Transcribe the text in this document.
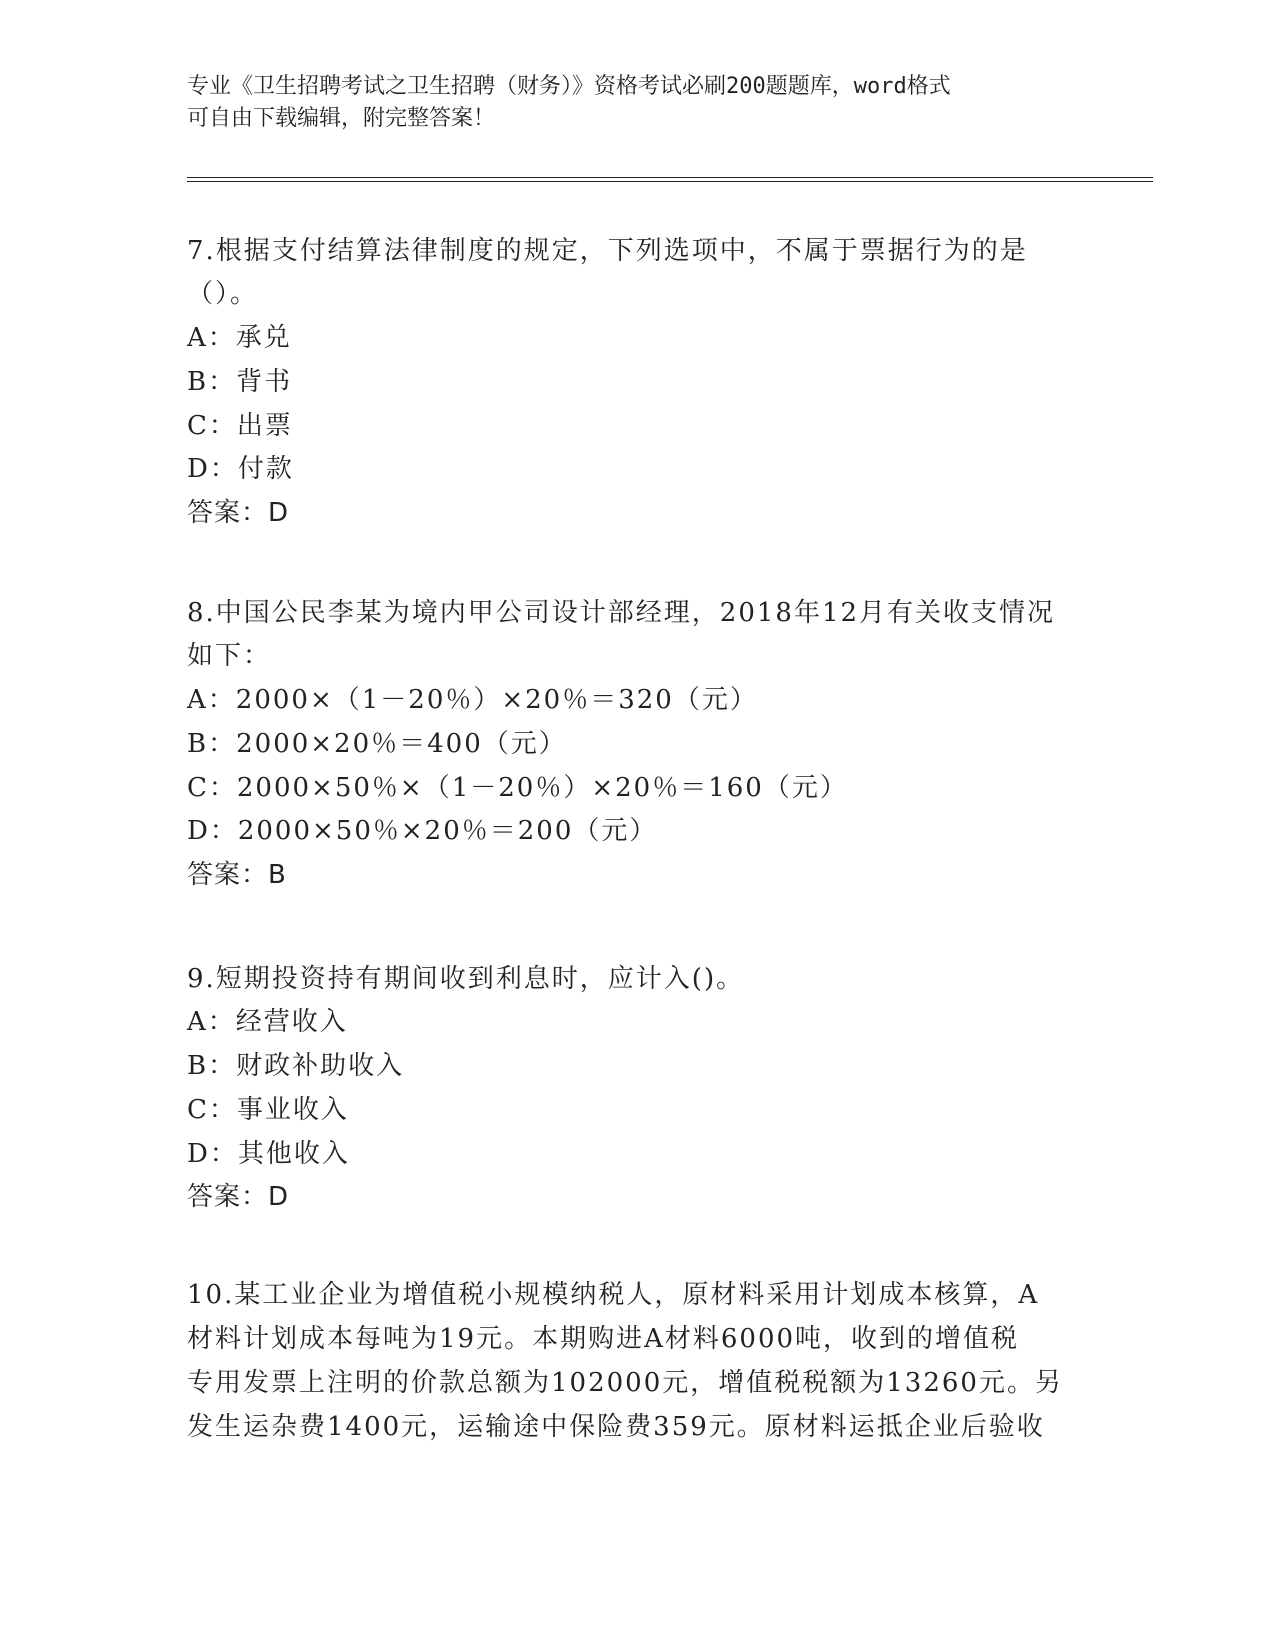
专业《卫生招聘考试之卫生招聘（财务）》资格考试必刷200题题库，word格式
可自由下载编辑，附完整答案！
7.根据支付结算法律制度的规定，下列选项中，不属于票据行为的是
（）。
A：承兑
B：背书
C：出票
D：付款
答案：D
8.中国公民李某为境内甲公司设计部经理，2018年12月有关收支情况
如下：
A：2000×（1－20％）×20％＝320（元）
B：2000×20％＝400（元）
C：2000×50％×（1－20％）×20％＝160（元）
D：2000×50％×20％＝200（元）
答案：B
9.短期投资持有期间收到利息时，应计入()。
A：经营收入
B：财政补助收入
C：事业收入
D：其他收入
答案：D
10.某工业企业为增值税小规模纳税人，原材料采用计划成本核算，A
材料计划成本每吨为19元。本期购进A材料6000吨，收到的增值税
专用发票上注明的价款总额为102000元，增值税税额为13260元。另
发生运杂费1400元，运输途中保险费359元。原材料运抵企业后验收
